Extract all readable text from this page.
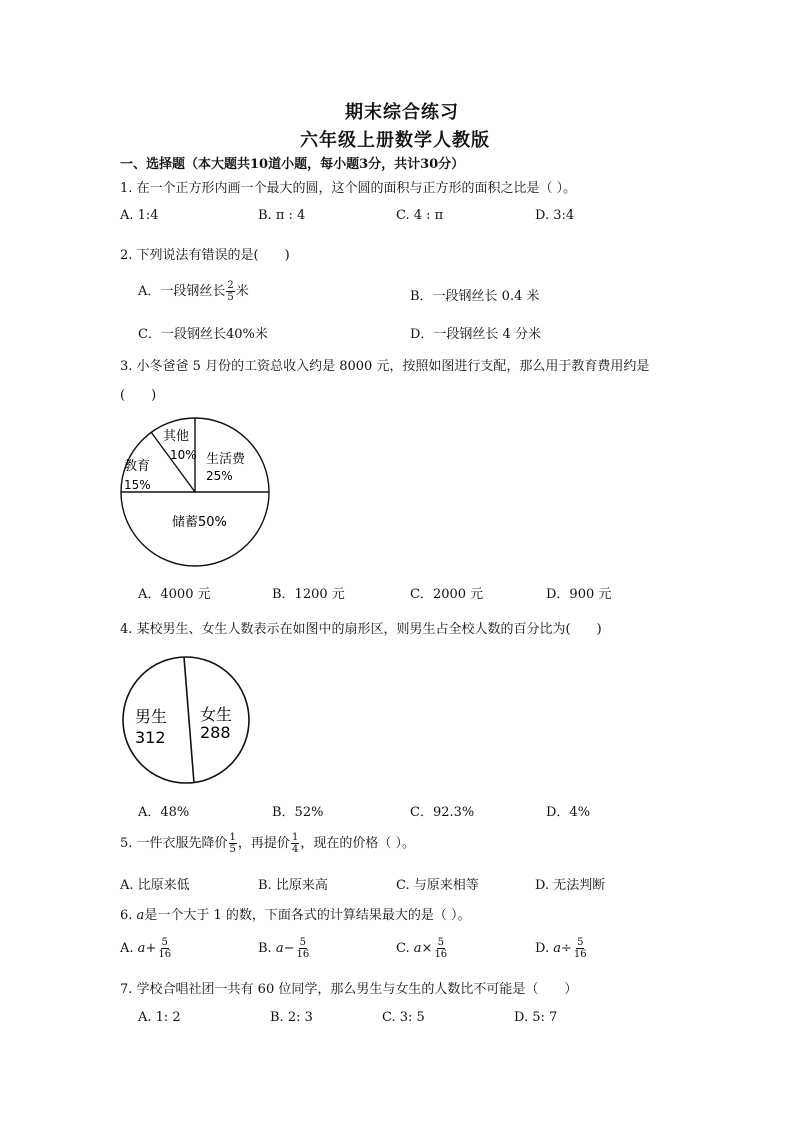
期末综合练习
六年级上册数学人教版
一、选择题（本大题共10道小题，每小题3分，共计30分）
1. 在一个正方形内画一个最大的圆，这个圆的面积与正方形的面积之比是（ ）。
A. 1:4	B. π : 4	C. 4 : π	D. 3:4
2. 下列说法有错误的是(　　)
A．一段钢丝长 $\frac{2}{5}$ 米	B．一段钢丝长 0.4 米
C．一段钢丝长40%米	D．一段钢丝长 4 分米
3. 小冬爸爸 5 月份的工资总收入约是 8000 元，按照如图进行支配，那么用于教育费用约是
(　　)
其他
10% 生活费
25%
教育
15%
储蓄50%
A．4000 元	B．1200 元	C．2000 元	D．900 元
4. 某校男生、女生人数表示在如图中的扇形区，则男生占全校人数的百分比为(　　)
男生
312
女生
288
A．48%	B．52%	C．92.3%	D．4%
5. 一件衣服先降价 $\frac{1}{5}$ ，再提价 $\frac{1}{4}$ ，现在的价格（ ）。
A. 比原来低	B. 比原来高	C. 与原来相等	D. 无法判断
6. a是一个大于 1 的数，下面各式的计算结果最大的是（ ）。
A. $a+ \frac{5}{16}$	B. $a- \frac{5}{16}$	C. $a\times \frac{5}{16}$	D. $a\div \frac{5}{16}$
7. 学校合唱社团一共有 60 位同学，那么男生与女生的人数比不可能是（　　）
A. 1: 2	B. 2: 3	C. 3: 5	D. 5: 7
